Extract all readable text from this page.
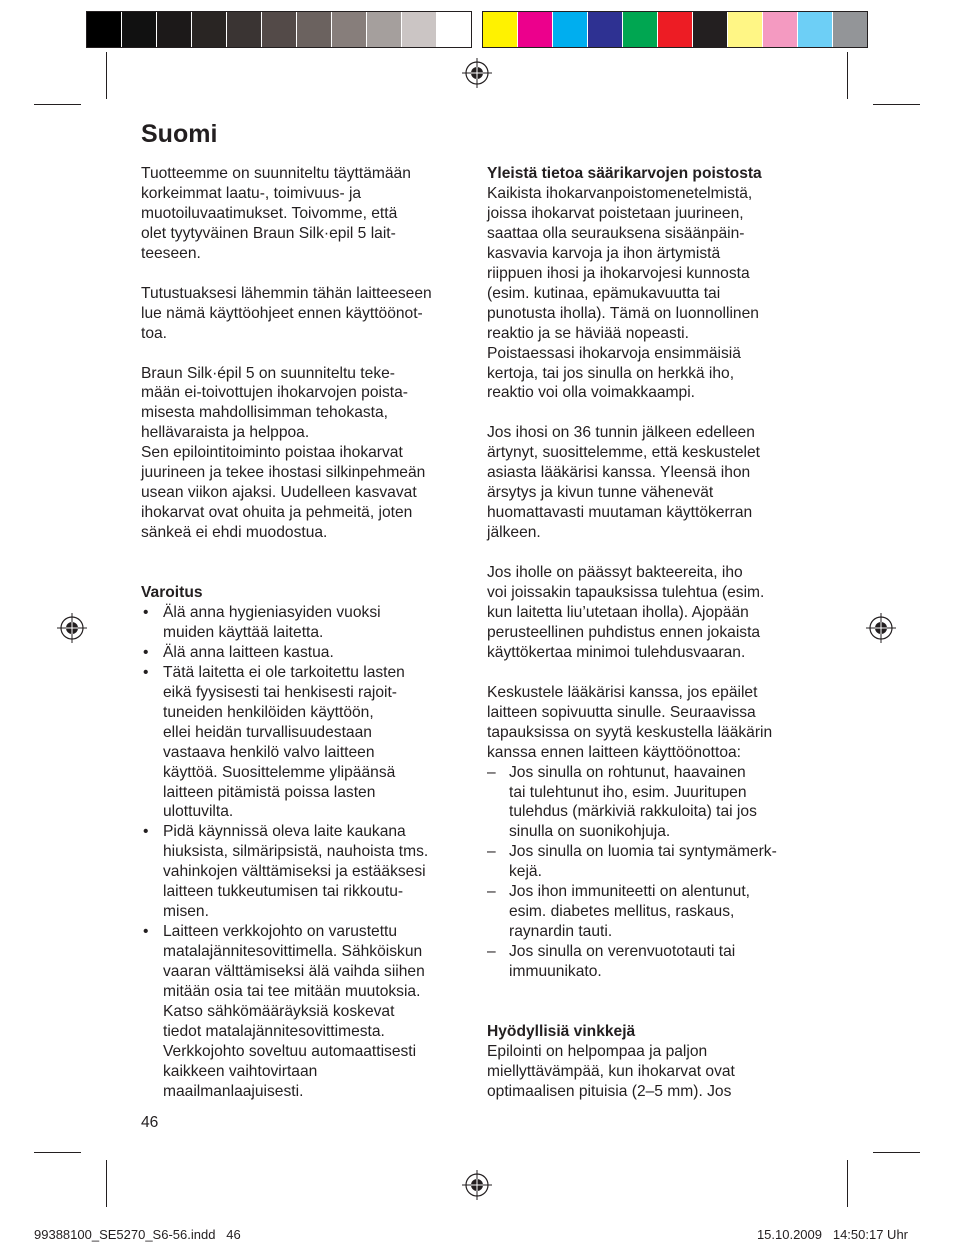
Suomi

Tuotteemme on suunniteltu täyttämään
korkeimmat laatu-, toimivuus- ja
muotoiluvaatimukset. Toivomme, että
olet tyytyväinen Braun Silk·epil 5 lait-
teeseen.

Tutustuaksesi lähemmin tähän laitteeseen
lue nämä käyttöohjeet ennen käyttöönot-
toa.

Braun Silk·épil 5 on suunniteltu teke-
mään ei-toivottujen ihokarvojen poista-
misesta mahdollisimman tehokasta,
hellävaraista ja helppoa.
Sen epilointitoiminto poistaa ihokarvat
juurineen ja tekee ihostasi silkinpehmeän
usean viikon ajaksi. Uudelleen kasvavat
ihokarvat ovat ohuita ja pehmeitä, joten
sänkeä ei ehdi muodostua.

Varoitus

• Älä anna hygieniasyiden vuoksi
muiden käyttää laitetta.
• Älä anna laitteen kastua.
• Tätä laitetta ei ole tarkoitettu lasten
eikä fyysisesti tai henkisesti rajoit-
tuneiden henkilöiden käyttöön,
ellei heidän turvallisuudestaan
vastaava henkilö valvo laitteen
käyttöä. Suosittelemme ylipäänsä
laitteen pitämistä poissa lasten
ulottuvilta.
• Pidä käynnissä oleva laite kaukana
hiuksista, silmäripsistä, nauhoista tms.
vahinkojen välttämiseksi ja estääksesi
laitteen tukkeutumisen tai rikkoutu-
misen.
• Laitteen verkkojohto on varustettu
matalajännitesovittimella. Sähköiskun
vaaran välttämiseksi älä vaihda siihen
mitään osia tai tee mitään muutoksia.
Katso sähkömääräyksiä koskevat
tiedot matalajännitesovittimesta.
Verkkojohto soveltuu automaattisesti
kaikkeen vaihtovirtaan
maailmanlaajuisesti.

Yleistä tietoa säärikarvojen poistosta

Kaikista ihokarvanpoistomenetelmistä,
joissa ihokarvat poistetaan juurineen,
saattaa olla seurauksena sisäänpäin-
kasvavia karvoja ja ihon ärtymistä
riippuen ihosi ja ihokarvojesi kunnosta
(esim. kutinaa, epämukavuutta tai
punotusta iholla). Tämä on luonnollinen
reaktio ja se häviää nopeasti.
Poistaessasi ihokarvoja ensimmäisiä
kertoja, tai jos sinulla on herkkä iho,
reaktio voi olla voimakkaampi.

Jos ihosi on 36 tunnin jälkeen edelleen
ärtynyt, suosittelemme, että keskustelet
asiasta lääkärisi kanssa. Yleensä ihon
ärsytys ja kivun tunne vähenevät
huomattavasti muutaman käyttökerran
jälkeen.

Jos iholle on päässyt bakteereita, iho
voi joissakin tapauksissa tulehtua (esim.
kun laitetta liu’utetaan iholla). Ajopään
perusteellinen puhdistus ennen jokaista
käyttökertaa minimoi tulehdusvaaran.

Keskustele lääkärisi kanssa, jos epäilet
laitteen sopivuutta sinulle. Seuraavissa
tapauksissa on syytä keskustella lääkärin
kanssa ennen laitteen käyttöönottoa:

– Jos sinulla on rohtunut, haavainen
tai tulehtunut iho, esim. Juuritupen
tulehdus (märkiviä rakkuloita) tai jos
sinulla on suonikohjuja.
– Jos sinulla on luomia tai syntymämerk-
kejä.
– Jos ihon immuniteetti on alentunut,
esim. diabetes mellitus, raskaus,
raynardin tauti.
– Jos sinulla on verenvuototauti tai
immuunikato.

Hyödyllisiä vinkkejä

Epilointi on helpompaa ja paljon
miellyttävämpää, kun ihokarvat ovat
optimaalisen pituisia (2–5 mm). Jos

46
99388100_SE5270_S6-56.indd   46	15.10.2009   14:50:17 Uhr
